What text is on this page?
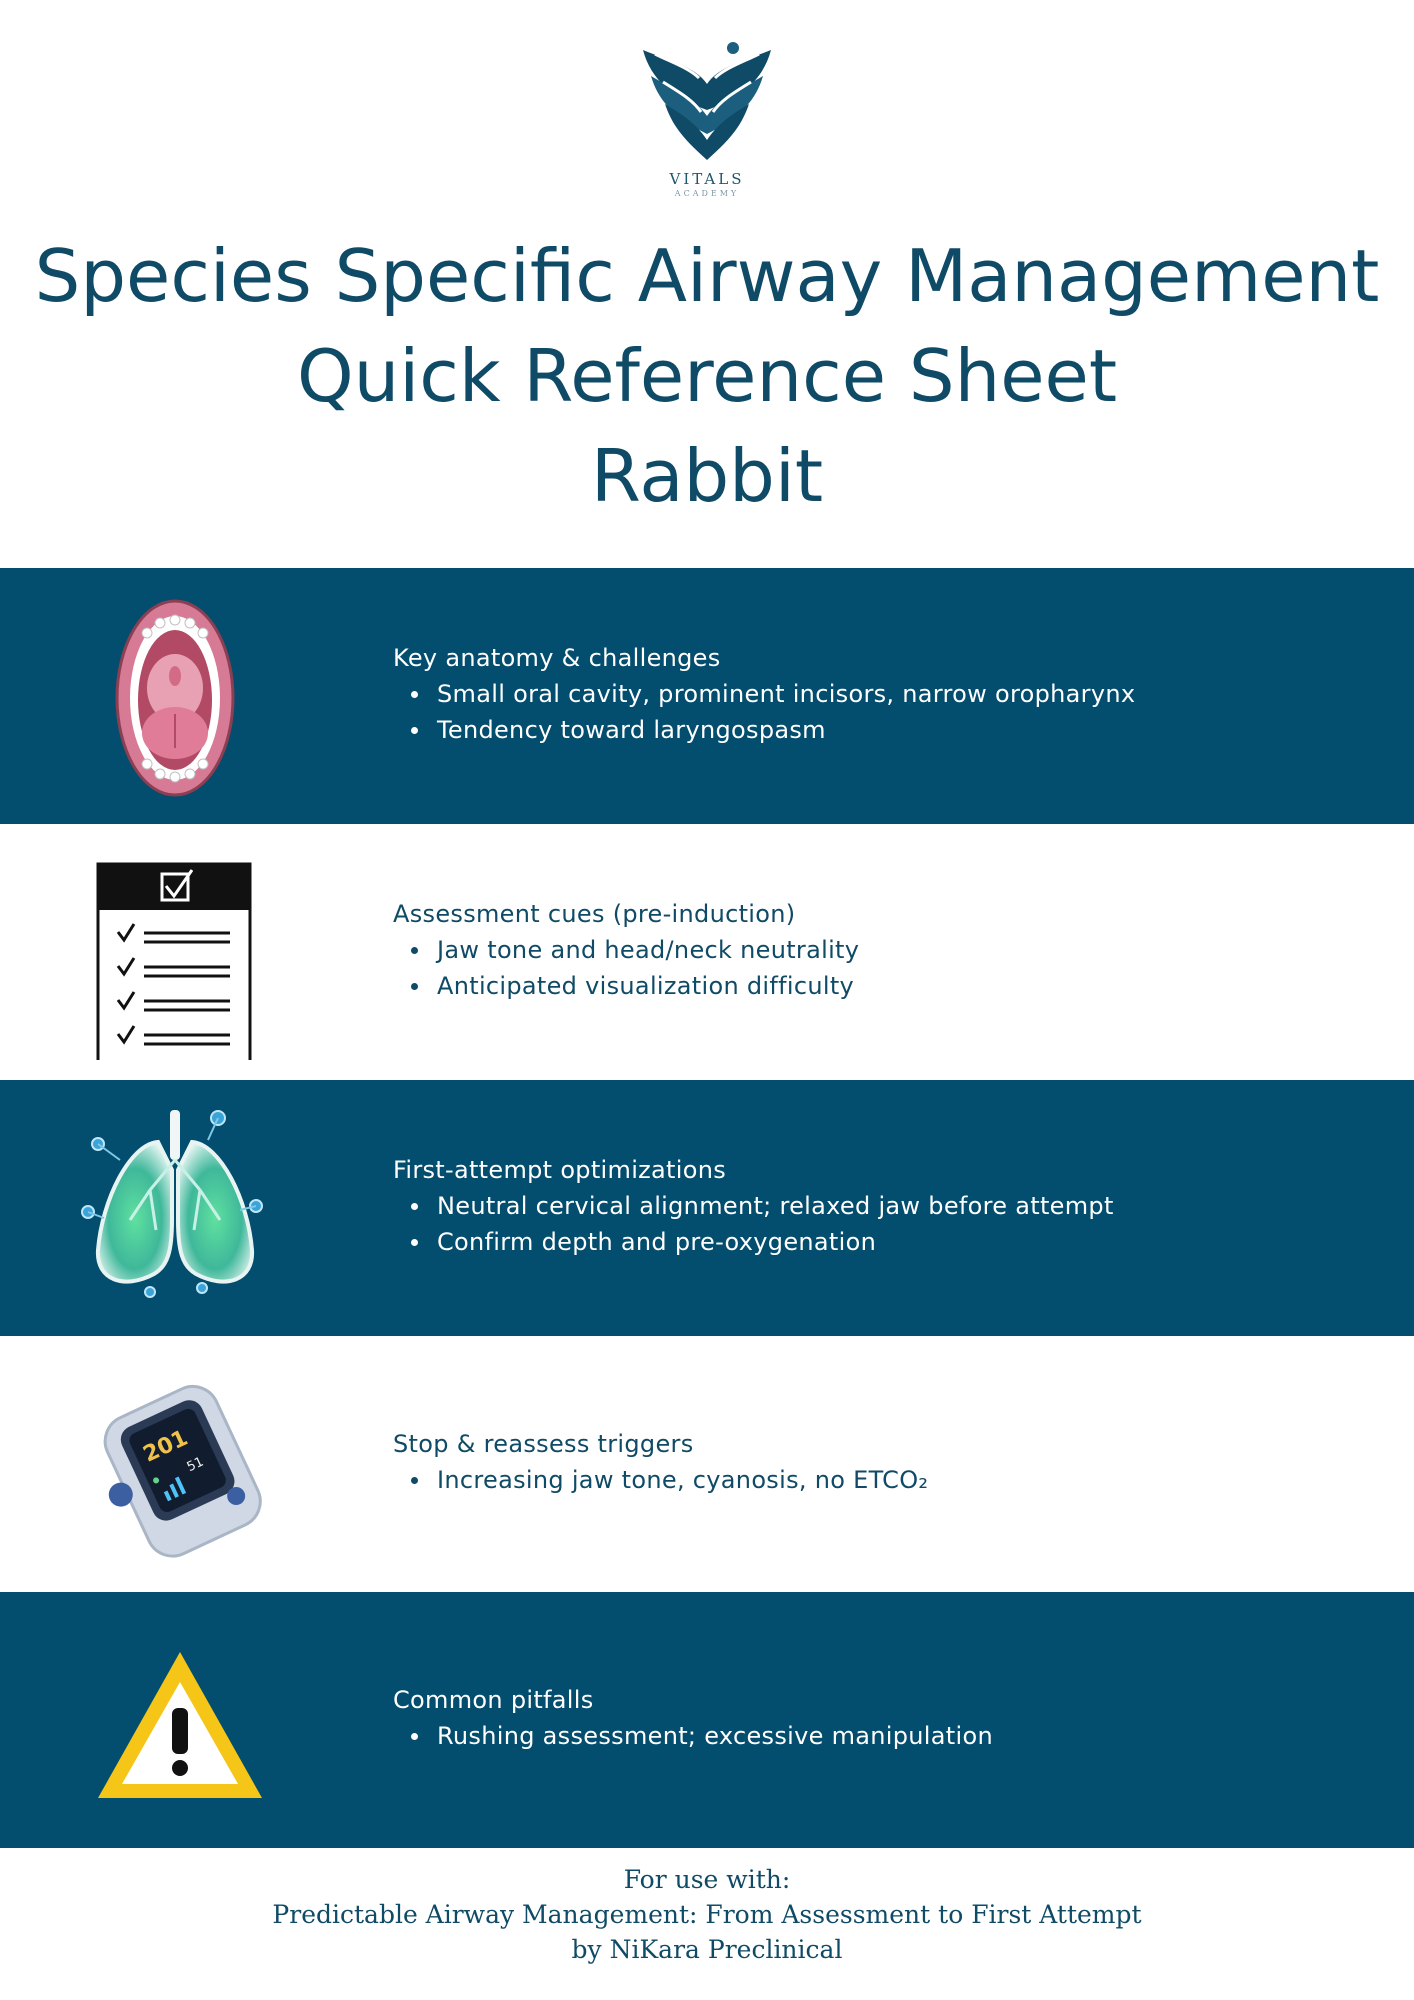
VITALS
ACADEMY
Species Specific Airway Management
Quick Reference Sheet
Rabbit
Key anatomy & challenges
Small oral cavity, prominent incisors, narrow oropharynx
Tendency toward laryngospasm
Assessment cues (pre-induction)
Jaw tone and head/neck neutrality
Anticipated visualization difficulty
First-attempt optimizations
Neutral cervical alignment; relaxed jaw before attempt
Confirm depth and pre-oxygenation
201
51
Stop & reassess triggers
Increasing jaw tone, cyanosis, no ETCO₂
Common pitfalls
Rushing assessment; excessive manipulation
For use with:
Predictable Airway Management: From Assessment to First Attempt
by NiKara Preclinical
